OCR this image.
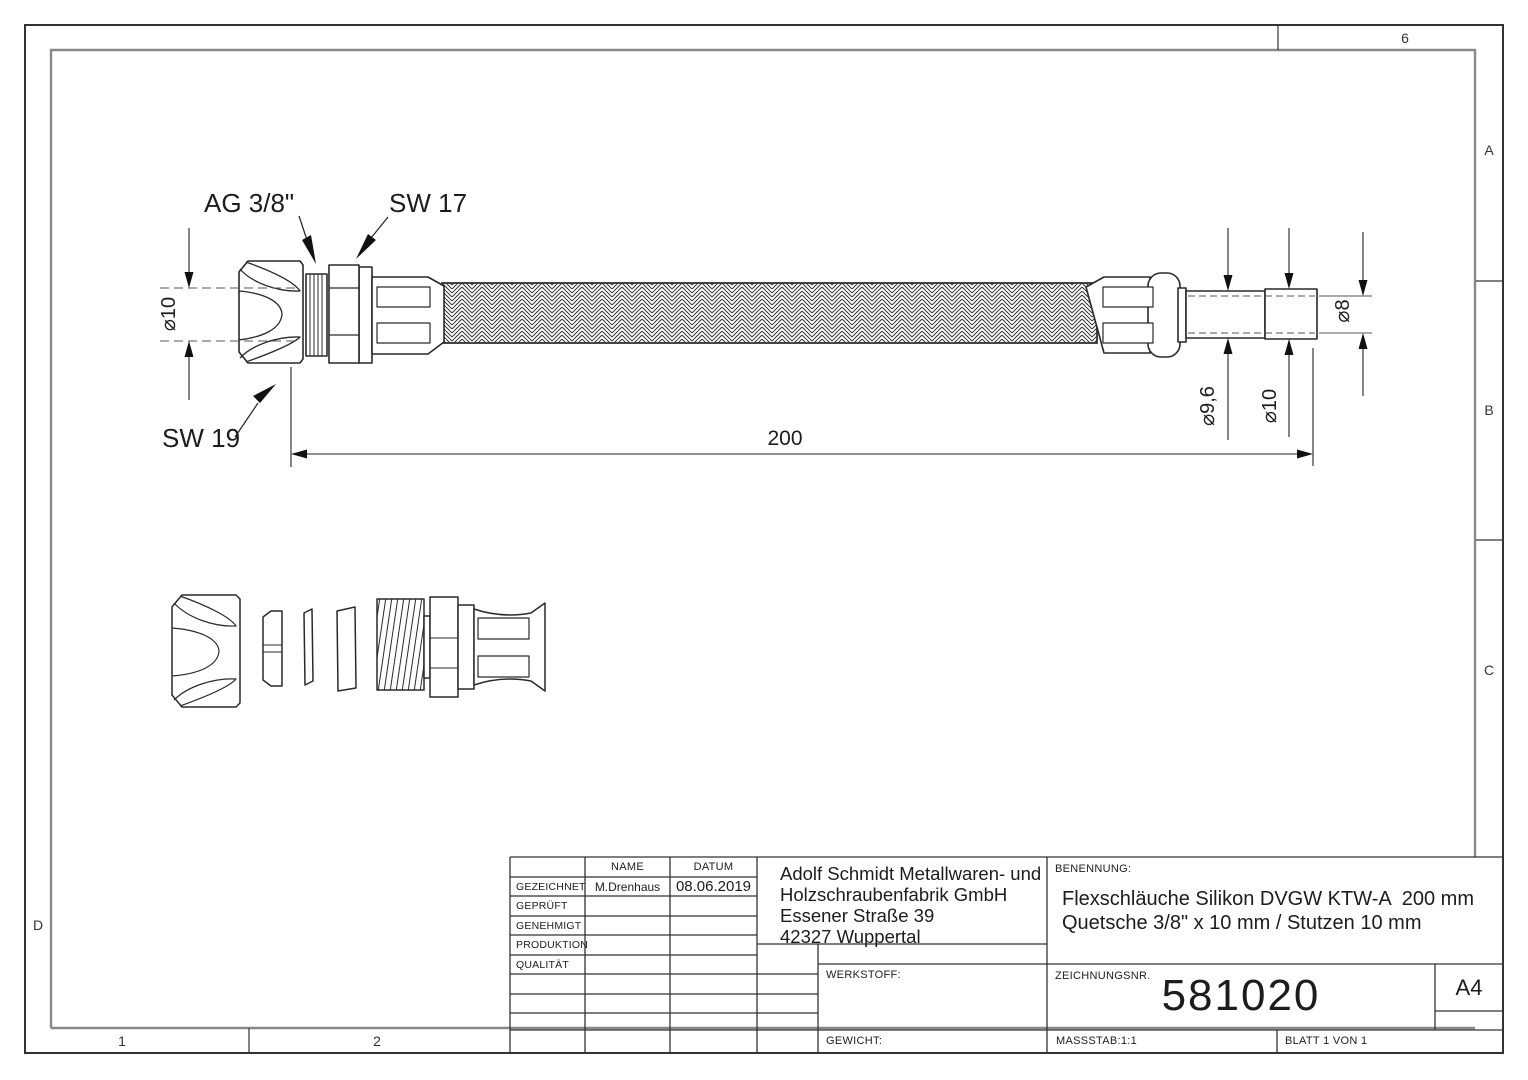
⌀10
⌀9,6 ⌀10
⌀8
200
AG 3/8"	SW 17
SW 19
6
A
B
C
D
1	2
NAME	DATUM
GEZEICHNET M.Drenhaus	08.06.2019
GEPRÜFT
GENEHMIGT
PRODUKTION
QUALITÄT
Adolf Schmidt Metallwaren- und
Holzschraubenfabrik GmbH
Essener Straße 39
42327 Wuppertal
BENENNUNG:
Flexschläuche Silikon DVGW KTW-A  200 mm
Quetsche 3/8" x 10 mm / Stutzen 10 mm
WERKSTOFF:
GEWICHT:
ZEICHNUNGSNR. 581020	A4
MASSSTAB:1:1	BLATT 1 VON 1
